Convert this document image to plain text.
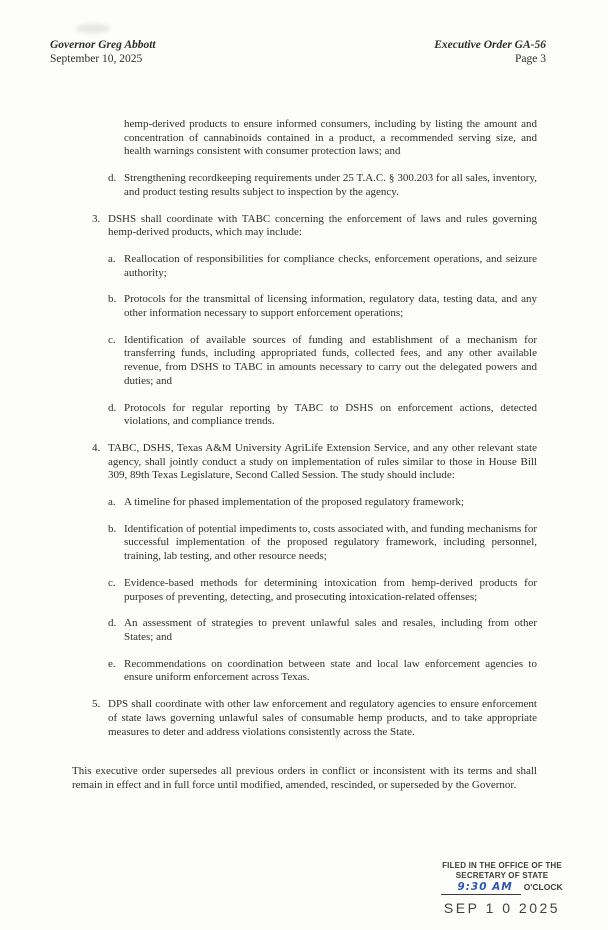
Governor Greg Abbott
September 10, 2025
Executive Order GA-56
Page 3
hemp-derived products to ensure informed consumers, including by listing the amount and concentration of cannabinoids contained in a product, a recommended serving size, and health warnings consistent with consumer protection laws; and
d. Strengthening recordkeeping requirements under 25 T.A.C. § 300.203 for all sales, inventory, and product testing results subject to inspection by the agency.
3. DSHS shall coordinate with TABC concerning the enforcement of laws and rules governing hemp-derived products, which may include:
a. Reallocation of responsibilities for compliance checks, enforcement operations, and seizure authority;
b. Protocols for the transmittal of licensing information, regulatory data, testing data, and any other information necessary to support enforcement operations;
c. Identification of available sources of funding and establishment of a mechanism for transferring funds, including appropriated funds, collected fees, and any other available revenue, from DSHS to TABC in amounts necessary to carry out the delegated powers and duties; and
d. Protocols for regular reporting by TABC to DSHS on enforcement actions, detected violations, and compliance trends.
4. TABC, DSHS, Texas A&M University AgriLife Extension Service, and any other relevant state agency, shall jointly conduct a study on implementation of rules similar to those in House Bill 309, 89th Texas Legislature, Second Called Session. The study should include:
a. A timeline for phased implementation of the proposed regulatory framework;
b. Identification of potential impediments to, costs associated with, and funding mechanisms for successful implementation of the proposed regulatory framework, including personnel, training, lab testing, and other resource needs;
c. Evidence-based methods for determining intoxication from hemp-derived products for purposes of preventing, detecting, and prosecuting intoxication-related offenses;
d. An assessment of strategies to prevent unlawful sales and resales, including from other States; and
e. Recommendations on coordination between state and local law enforcement agencies to ensure uniform enforcement across Texas.
5. DPS shall coordinate with other law enforcement and regulatory agencies to ensure enforcement of state laws governing unlawful sales of consumable hemp products, and to take appropriate measures to deter and address violations consistently across the State.

This executive order supersedes all previous orders in conflict or inconsistent with its terms and shall remain in effect and in full force until modified, amended, rescinded, or superseded by the Governor.

FILED IN THE OFFICE OF THE
SECRETARY OF STATE
9:30 AM O'CLOCK
SEP 1 0 2025
